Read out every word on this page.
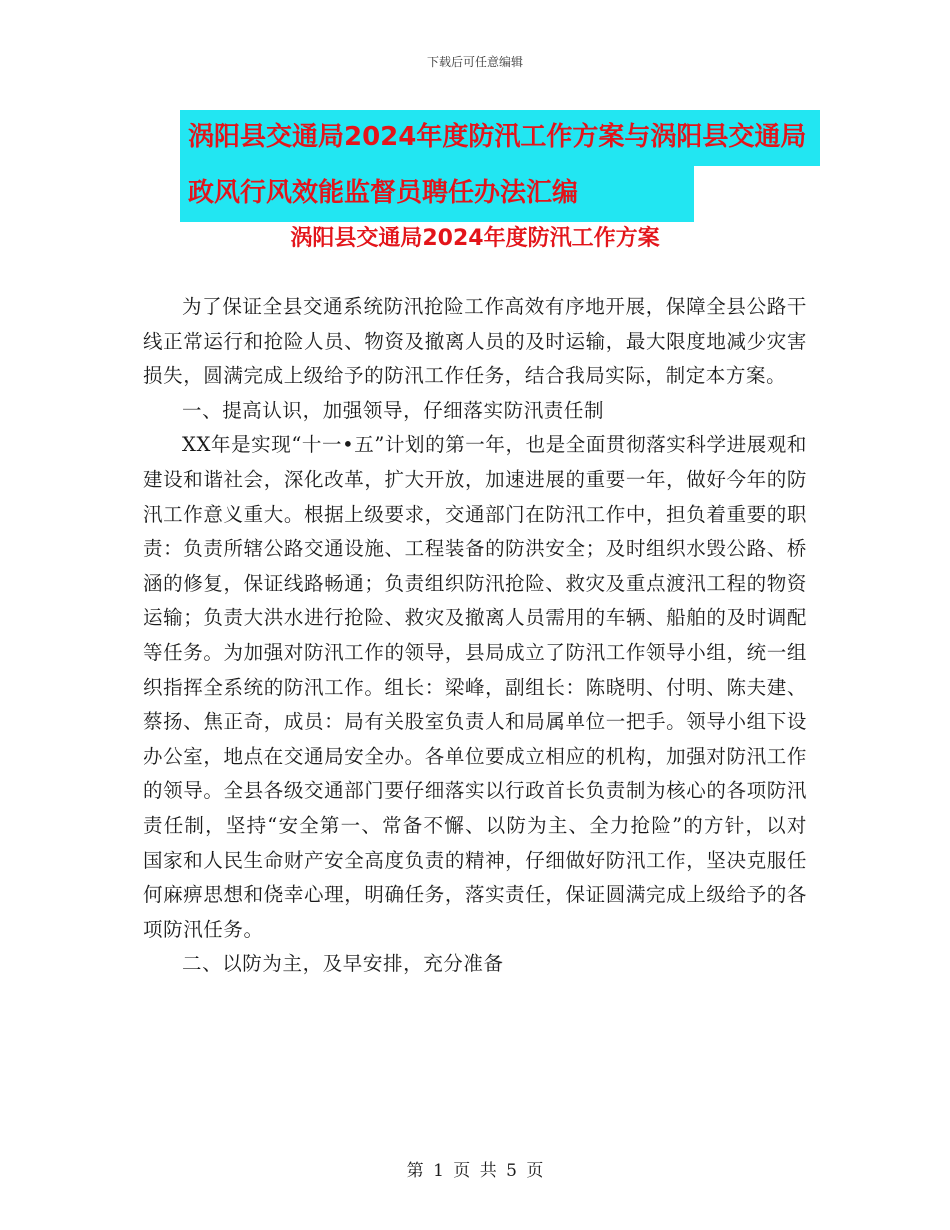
下载后可任意编辑
涡阳县交通局2024年度防汛工作方案与涡阳县交通局
政风行风效能监督员聘任办法汇编
涡阳县交通局2024年度防汛工作方案

为了保证全县交通系统防汛抢险工作高效有序地开展，保障全县公路干线正常运行和抢险人员、物资及撤离人员的及时运输，最大限度地减少灾害损失，圆满完成上级给予的防汛工作任务，结合我局实际，制定本方案。

一、提高认识，加强领导，仔细落实防汛责任制

XX年是实现“十一•五”计划的第一年，也是全面贯彻落实科学进展观和建设和谐社会，深化改革，扩大开放，加速进展的重要一年，做好今年的防汛工作意义重大。根据上级要求，交通部门在防汛工作中，担负着重要的职责：负责所辖公路交通设施、工程装备的防洪安全；及时组织水毁公路、桥涵的修复，保证线路畅通；负责组织防汛抢险、救灾及重点渡汛工程的物资运输；负责大洪水进行抢险、救灾及撤离人员需用的车辆、船舶的及时调配等任务。为加强对防汛工作的领导，县局成立了防汛工作领导小组，统一组织指挥全系统的防汛工作。组长：梁峰，副组长：陈晓明、付明、陈夫建、蔡扬、焦正奇，成员：局有关股室负责人和局属单位一把手。领导小组下设办公室，地点在交通局安全办。各单位要成立相应的机构，加强对防汛工作的领导。全县各级交通部门要仔细落实以行政首长负责制为核心的各项防汛责任制，坚持“安全第一、常备不懈、以防为主、全力抢险”的方针，以对国家和人民生命财产安全高度负责的精神，仔细做好防汛工作，坚决克服任何麻痹思想和侥幸心理，明确任务，落实责任，保证圆满完成上级给予的各项防汛任务。

二、以防为主，及早安排，充分准备

第 1 页 共 5 页
